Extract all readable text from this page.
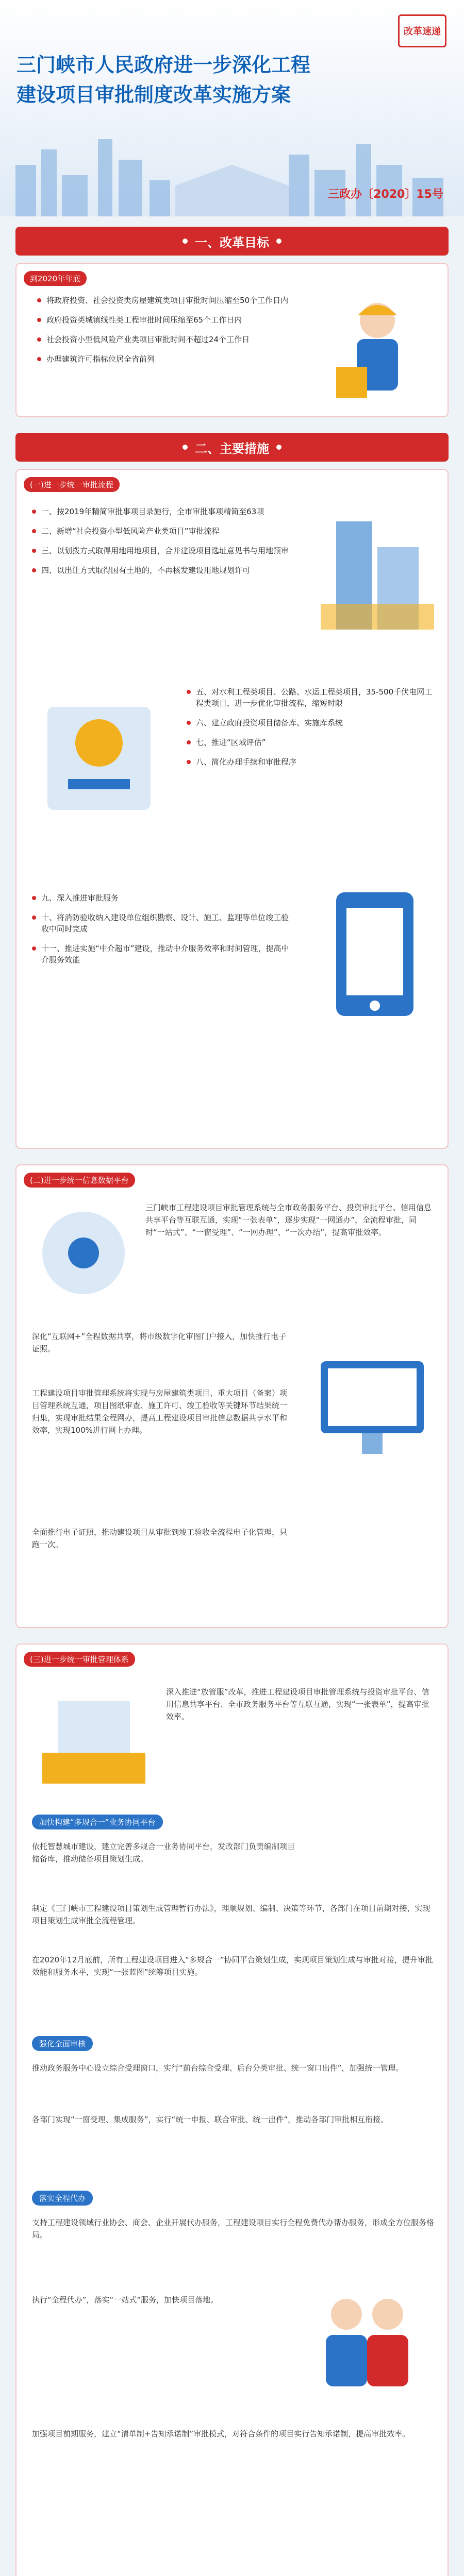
改革速递
三门峡市人民政府进一步深化工程
建设项目审批制度改革实施方案
三政办〔2020〕15号
一、改革目标
到2020年年底
将政府投资、社会投资类房屋建筑类项目审批时间压缩至50个工作日内
政府投资类城镇线性类工程审批时间压缩至65个工作日内
社会投资小型低风险产业类项目审批时间不超过24个工作日
办理建筑许可指标位居全省前列
二、主要措施
(一)进一步统一审批流程
一、按2019年精简审批事项目录施行，全市审批事项精简至63项
二、新增“社会投资小型低风险产业类项目”审批流程
三、以划拨方式取得用地用地项目，合并建设项目选址意见书与用地预审
四、以出让方式取得国有土地的，不再核发建设用地规划许可
五、对水利工程类项目、公路、水运工程类项目，35-500千伏电网工程类项目，进一步优化审批流程，缩短时限
六、建立政府投资项目储备库、实施库系统
七、推进“区域评估”
八、简化办理手续和审批程序
九、深入推进审批服务
十、将消防验收纳入建设单位组织勘察、设计、施工、监理等单位竣工验收中同时完成
十一、推进实施“中介超市”建设，推动中介服务效率和时间管理，提高中介服务效能
(二)进一步统一信息数据平台
三门峡市工程建设项目审批管理系统与全市政务服务平台、投资审批平台、信用信息共享平台等互联互通，实现“一张表单”，逐步实现“一网通办”，全流程审批，同时“一站式”、“一窗受理”、“一网办理”、“一次办结”，提高审批效率。
深化“互联网+”全程数据共享，将市级数字化审图门户接入，加快推行电子证照。
工程建设项目审批管理系统将实现与房屋建筑类项目、重大项目（备案）项目管理系统互通，项目图纸审查、施工许可、竣工验收等关键环节结果统一归集，实现审批结果全程网办，提高工程建设项目审批信息数据共享水平和效率，实现100%进行网上办理。
全面推行电子证照，推动建设项目从审批到竣工验收全流程电子化管理，只跑一次。
(三)进一步统一审批管理体系
深入推进“放管服”改革，推进工程建设项目审批管理系统与投资审批平台、信用信息共享平台、全市政务服务平台等互联互通，实现“一张表单”，提高审批效率。
加快构建“多规合一”业务协同平台
依托智慧城市建设，建立完善多规合一业务协同平台，发改部门负责编制项目储备库，推动储备项目策划生成。
制定《三门峡市工程建设项目策划生成管理暂行办法》，理顺规划、编制、决策等环节，各部门在项目前期对接，实现项目策划生成审批全流程管理。
在2020年12月底前，所有工程建设项目进入“多规合一”协同平台策划生成，实现项目策划生成与审批对接，提升审批效能和服务水平，实现“一张蓝图”统筹项目实施。
强化全面审核
推动政务服务中心设立综合受理窗口，实行“前台综合受理、后台分类审批、统一窗口出件”，加强统一管理。
各部门实现“一窗受理、集成服务”，实行“统一申报、联合审批、统一出件”，推动各部门审批相互衔接。
落实全程代办
支持工程建设领域行业协会、商会、企业开展代办服务，工程建设项目实行全程免费代办帮办服务，形成全方位服务格局。
执行“全程代办”，落实“一站式”服务，加快项目落地。
加强项目前期服务，建立“清单制+告知承诺制”审批模式，对符合条件的项目实行告知承诺制，提高审批效率。
